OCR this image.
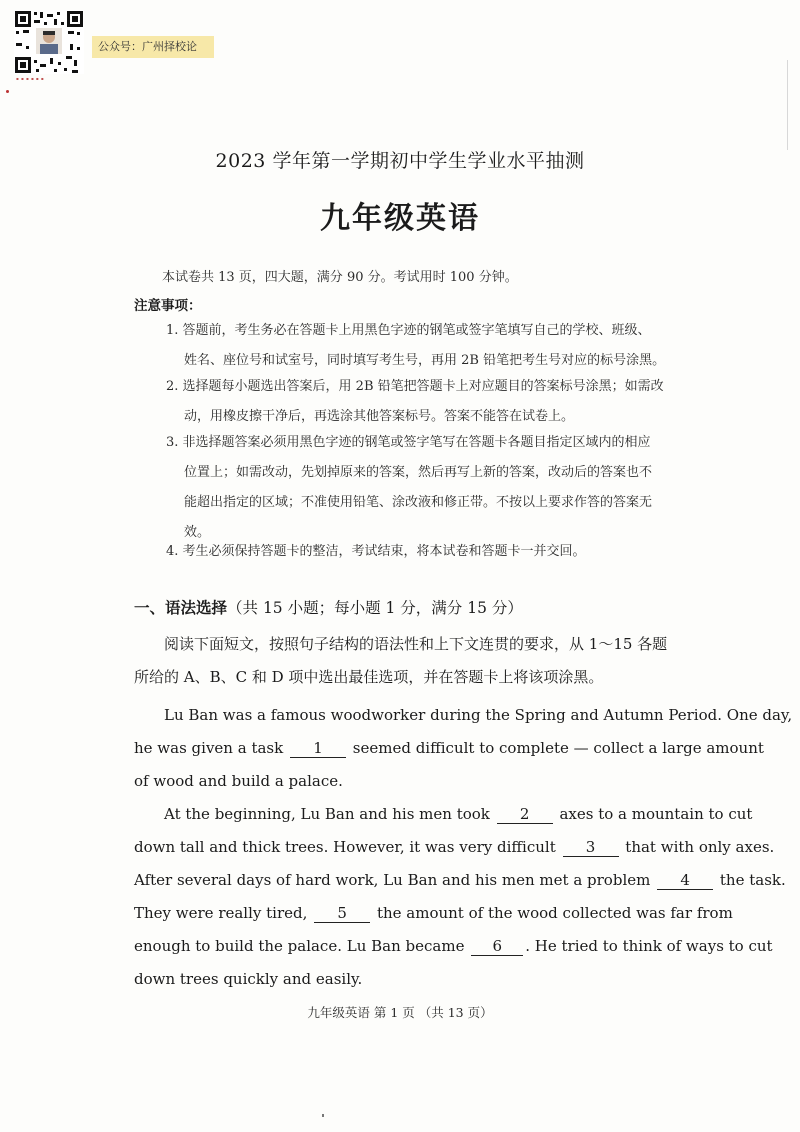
▪ ▪ ▪ ▪ ▪ ▪
公众号：广州择校论
2023 学年第一学期初中学生学业水平抽测
九年级英语
本试卷共 13 页，四大题，满分 90 分。考试用时 100 分钟。
注意事项：
1. 答题前，考生务必在答题卡上用黑色字迹的钢笔或签字笔填写自己的学校、班级、
姓名、座位号和试室号，同时填写考生号，再用 2B 铅笔把考生号对应的标号涂黑。
2. 选择题每小题选出答案后，用 2B 铅笔把答题卡上对应题目的答案标号涂黑；如需改
动，用橡皮擦干净后，再选涂其他答案标号。答案不能答在试卷上。
3. 非选择题答案必须用黑色字迹的钢笔或签字笔写在答题卡各题目指定区域内的相应
位置上；如需改动，先划掉原来的答案，然后再写上新的答案，改动后的答案也不
能超出指定的区域；不准使用铅笔、涂改液和修正带。不按以上要求作答的答案无
效。
4. 考生必须保持答题卡的整洁，考试结束，将本试卷和答题卡一并交回。
一、语法选择（共 15 小题；每小题 1 分，满分 15 分）
阅读下面短文，按照句子结构的语法性和上下文连贯的要求，从 1～15 各题
所给的 A、B、C 和 D 项中选出最佳选项，并在答题卡上将该项涂黑。
Lu Ban was a famous woodworker during the Spring and Autumn Period. One day,
he was given a task 1 seemed difficult to complete — collect a large amount
of wood and build a palace.
At the beginning, Lu Ban and his men took 2 axes to a mountain to cut
down tall and thick trees. However, it was very difficult 3 that with only axes.
After several days of hard work, Lu Ban and his men met a problem 4 the task.
They were really tired, 5 the amount of the wood collected was far from
enough to build the palace. Lu Ban became 6 . He tried to think of ways to cut
down trees quickly and easily.
九年级英语 第 1 页 （共 13 页）
